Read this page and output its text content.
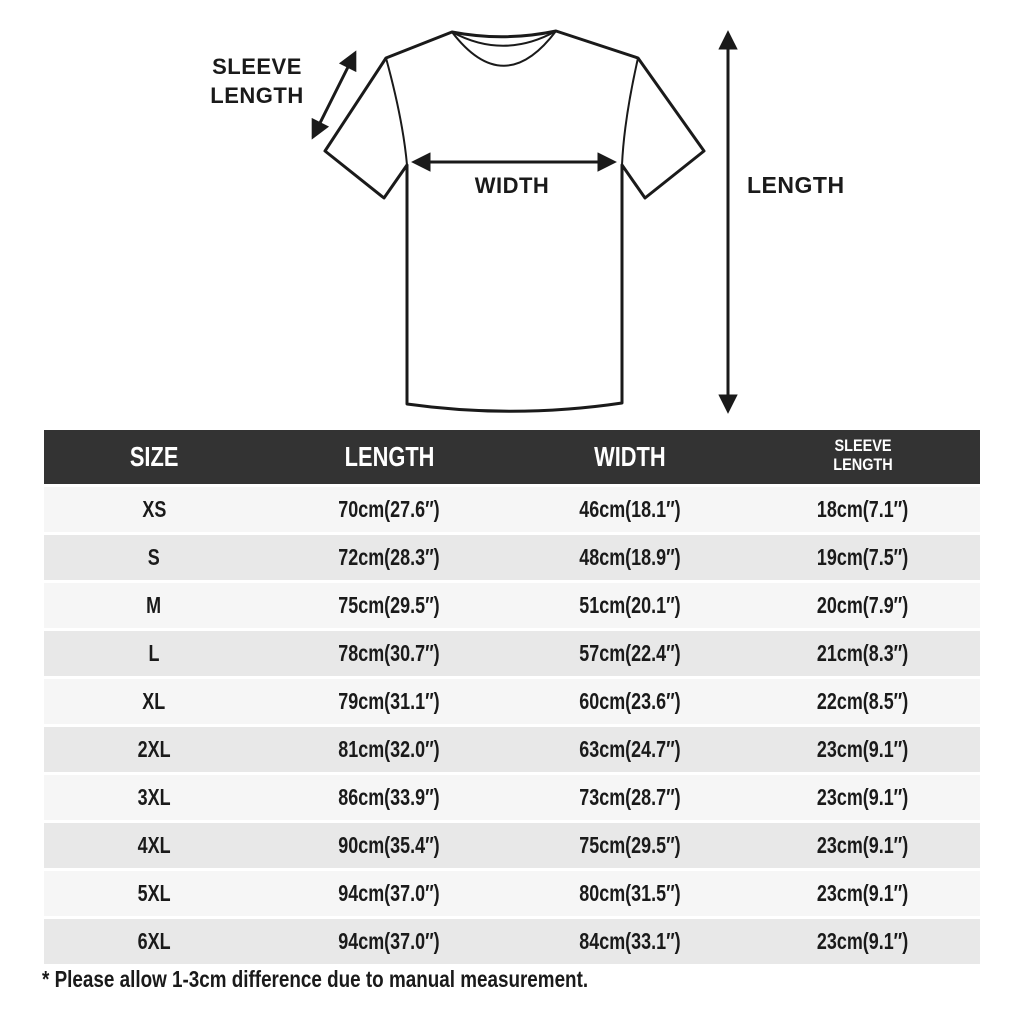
SLEEVE LENGTH
WIDTH	LENGTH
SIZE	LENGTH	WIDTH	SLEEVE LENGTH
XS	70cm(27.6″)	46cm(18.1″)	18cm(7.1″)
S	72cm(28.3″)	48cm(18.9″)	19cm(7.5″)
M	75cm(29.5″)	51cm(20.1″)	20cm(7.9″)
L	78cm(30.7″)	57cm(22.4″)	21cm(8.3″)
XL	79cm(31.1″)	60cm(23.6″)	22cm(8.5″)
2XL	81cm(32.0″)	63cm(24.7″)	23cm(9.1″)
3XL	86cm(33.9″)	73cm(28.7″)	23cm(9.1″)
4XL	90cm(35.4″)	75cm(29.5″)	23cm(9.1″)
5XL	94cm(37.0″)	80cm(31.5″)	23cm(9.1″)
6XL	94cm(37.0″)	84cm(33.1″)	23cm(9.1″)
* Please allow 1-3cm difference due to manual measurement.
